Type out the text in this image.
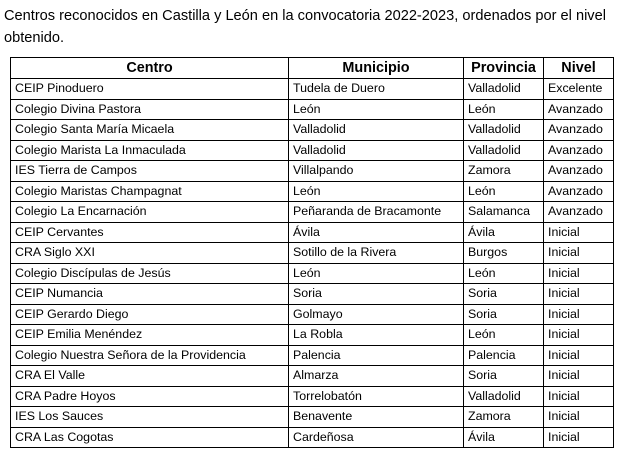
Centros reconocidos en Castilla y León en la convocatoria 2022-2023, ordenados por el nivel obtenido.

Centro	Municipio	Provincia	Nivel
CEIP Pinoduero	Tudela de Duero	Valladolid	Excelente
Colegio Divina Pastora	León	León	Avanzado
Colegio Santa María Micaela	Valladolid	Valladolid	Avanzado
Colegio Marista La Inmaculada	Valladolid	Valladolid	Avanzado
IES Tierra de Campos	Villalpando	Zamora	Avanzado
Colegio Maristas Champagnat	León	León	Avanzado
Colegio La Encarnación	Peñaranda de Bracamonte	Salamanca	Avanzado
CEIP Cervantes	Ávila	Ávila	Inicial
CRA Siglo XXI	Sotillo de la Rivera	Burgos	Inicial
Colegio Discípulas de Jesús	León	León	Inicial
CEIP Numancia	Soria	Soria	Inicial
CEIP Gerardo Diego	Golmayo	Soria	Inicial
CEIP Emilia Menéndez	La Robla	León	Inicial
Colegio Nuestra Señora de la Providencia	Palencia	Palencia	Inicial
CRA El Valle	Almarza	Soria	Inicial
CRA Padre Hoyos	Torrelobatón	Valladolid	Inicial
IES Los Sauces	Benavente	Zamora	Inicial
CRA Las Cogotas	Cardeñosa	Ávila	Inicial
